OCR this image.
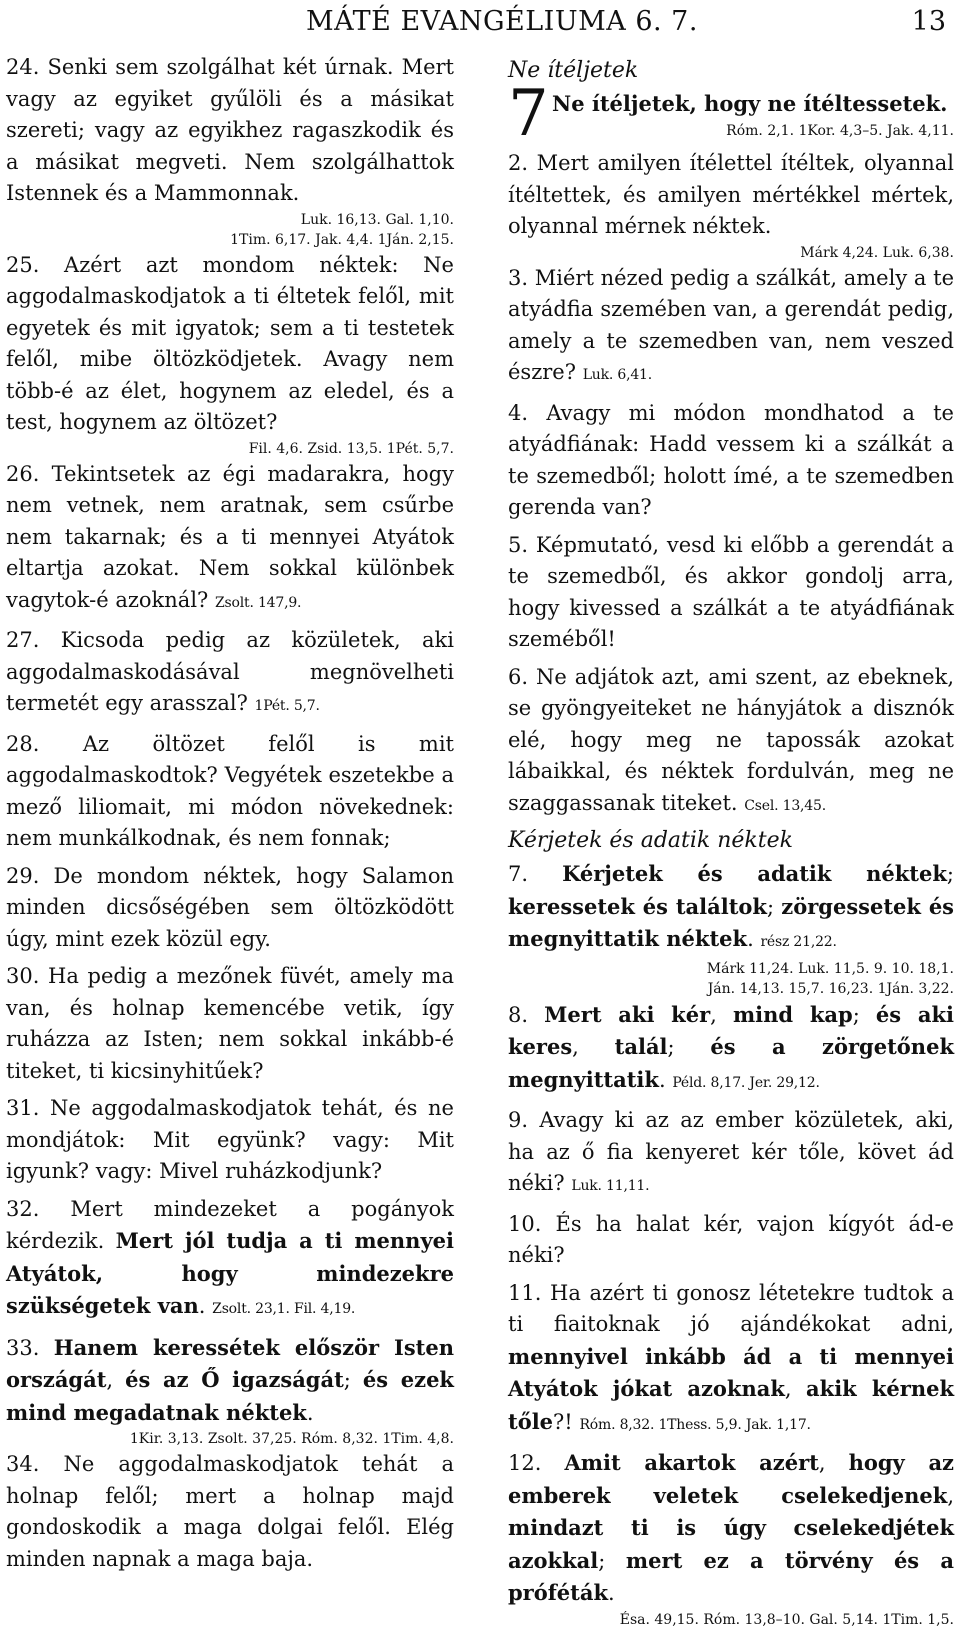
MÁTÉ EVANGÉLIUMA 6. 7.	13

24. Senki sem szolgálhat két úrnak. Mert vagy az egyiket gyűlöli és a másikat szereti; vagy az egyikhez ragaszkodik és a másikat megveti. Nem szolgálhattok Istennek és a Mammonnak.

Luk. 16,13. Gal. 1,10.

1Tim. 6,17. Jak. 4,4. 1Ján. 2,15.

25. Azért azt mondom néktek: Ne aggodalmaskodjatok a ti éltetek felől, mit egyetek és mit igyatok; sem a ti testetek felől, mibe öltözködjetek. Avagy nem több-é az élet, hogynem az eledel, és a test, hogynem az öltözet?

Fil. 4,6. Zsid. 13,5. 1Pét. 5,7.

26. Tekintsetek az égi madarakra, hogy nem vetnek, nem aratnak, sem csűrbe nem takarnak; és a ti mennyei Atyátok eltartja azokat. Nem sokkal különbek vagytok-é azoknál? Zsolt. 147,9.

27. Kicsoda pedig az közületek, aki aggodalmaskodásával megnövelheti termetét egy arasszal? 1Pét. 5,7.

28. Az öltözet felől is mit aggodalmaskodtok? Vegyétek eszetekbe a mező liliomait, mi módon növekednek: nem munkálkodnak, és nem fonnak;

29. De mondom néktek, hogy Salamon minden dicsőségében sem öltözködött úgy, mint ezek közül egy.

30. Ha pedig a mezőnek füvét, amely ma van, és holnap kemencébe vetik, így ruházza az Isten; nem sokkal inkább-é titeket, ti kicsinyhitűek?

31. Ne aggodalmaskodjatok tehát, és ne mondjátok: Mit együnk? vagy: Mit igyunk? vagy: Mivel ruházkodjunk?

32. Mert mindezeket a pogányok kérdezik. Mert jól tudja a ti mennyei Atyátok, hogy mindezekre szükségetek van. Zsolt. 23,1. Fil. 4,19.

33. Hanem keressétek először Isten országát, és az Ő igazságát; és ezek mind megadatnak néktek.

1Kir. 3,13. Zsolt. 37,25. Róm. 8,32. 1Tim. 4,8.

34. Ne aggodalmaskodjatok tehát a holnap felől; mert a holnap majd gondoskodik a maga dolgai felől. Elég minden napnak a maga baja.

Ne ítéljetek

7 Ne ítéljetek, hogy ne ítéltessetek.

Róm. 2,1. 1Kor. 4,3–5. Jak. 4,11.

2. Mert amilyen ítélettel ítéltek, olyannal ítéltettek, és amilyen mértékkel mértek, olyannal mérnek néktek.

Márk 4,24. Luk. 6,38.

3. Miért nézed pedig a szálkát, amely a te atyádfia szemében van, a gerendát pedig, amely a te szemedben van, nem veszed észre? Luk. 6,41.

4. Avagy mi módon mondhatod a te atyádfiának: Hadd vessem ki a szálkát a te szemedből; holott ímé, a te szemedben gerenda van?

5. Képmutató, vesd ki előbb a gerendát a te szemedből, és akkor gondolj arra, hogy kivessed a szálkát a te atyádfiának szeméből!

6. Ne adjátok azt, ami szent, az ebeknek, se gyöngyeiteket ne hányjátok a disznók elé, hogy meg ne tapossák azokat lábaikkal, és néktek fordulván, meg ne szaggassanak titeket. Csel. 13,45.

Kérjetek és adatik néktek

7. Kérjetek és adatik néktek; keressetek és találtok; zörgessetek és megnyittatik néktek. rész 21,22.

Márk 11,24. Luk. 11,5. 9. 10. 18,1.

Ján. 14,13. 15,7. 16,23. 1Ján. 3,22.

8. Mert aki kér, mind kap; és aki keres, talál; és a zörgetőnek megnyittatik. Péld. 8,17. Jer. 29,12.

9. Avagy ki az az ember közületek, aki, ha az ő fia kenyeret kér tőle, követ ád néki? Luk. 11,11.

10. És ha halat kér, vajon kígyót ád-e néki?

11. Ha azért ti gonosz létetekre tudtok a ti fiaitoknak jó ajándékokat adni, mennyivel inkább ád a ti mennyei Atyátok jókat azoknak, akik kérnek tőle?! Róm. 8,32. 1Thess. 5,9. Jak. 1,17.

12. Amit akartok azért, hogy az emberek veletek cselekedjenek, mindazt ti is úgy cselekedjétek azokkal; mert ez a törvény és a próféták.

Ésa. 49,15. Róm. 13,8–10. Gal. 5,14. 1Tim. 1,5.
